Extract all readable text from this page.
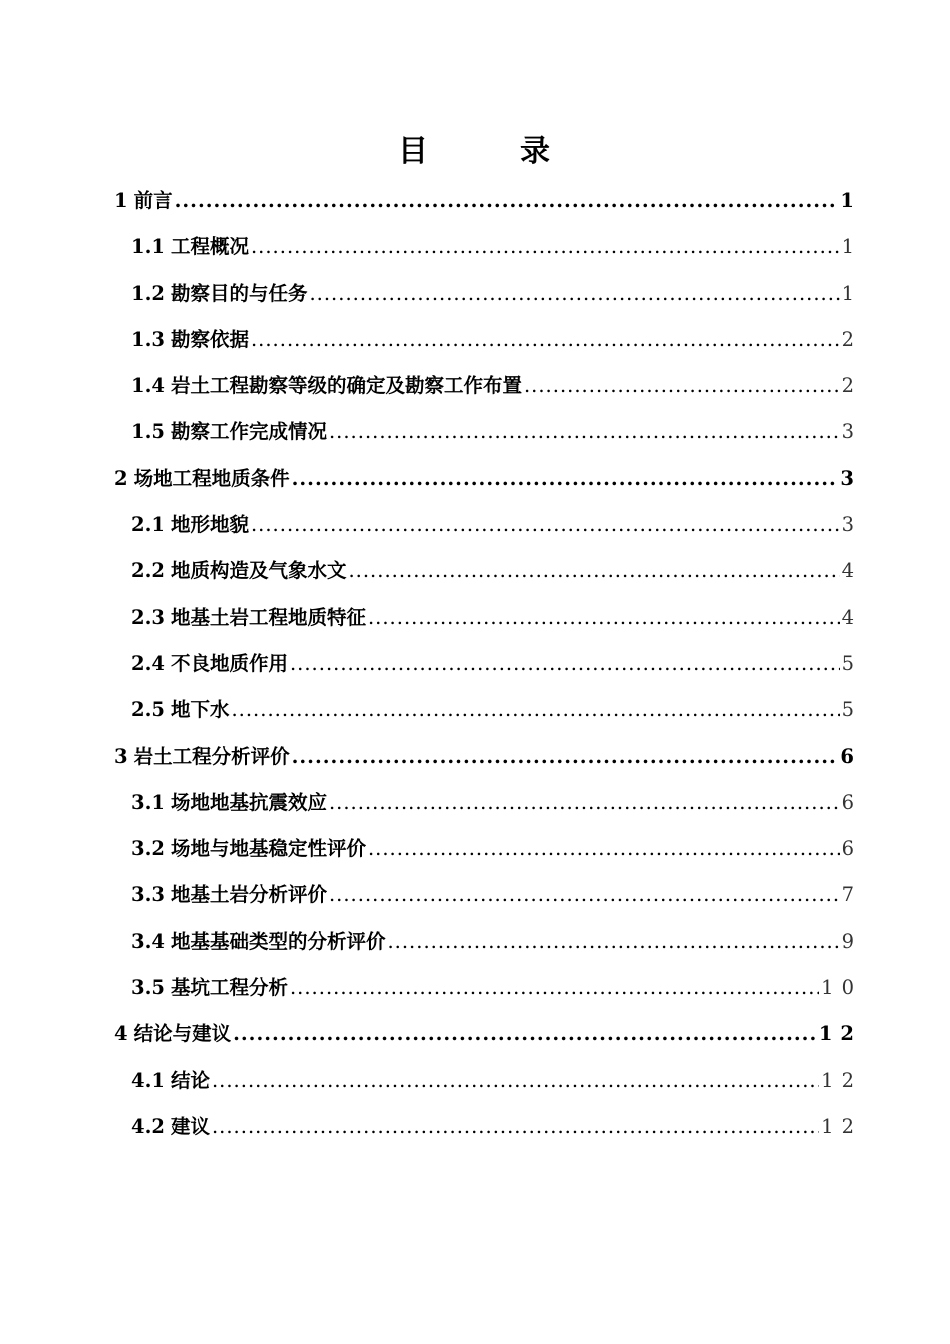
目	录
1 前言 .....	1
1.1 工程概况 .....	1
1.2 勘察目的与任务 .....	1
1.3 勘察依据 .....	2
1.4 岩土工程勘察等级的确定及勘察工作布置 .....	2
1.5 勘察工作完成情况 .....	3
2 场地工程地质条件 .....	3
2.1 地形地貌 .....	3
2.2 地质构造及气象水文 .....	4
2.3 地基土岩工程地质特征 .....	4
2.4 不良地质作用 .....	5
2.5 地下水 .....	5
3 岩土工程分析评价 .....	6
3.1 场地地基抗震效应 .....	6
3.2 场地与地基稳定性评价 .....	6
3.3 地基土岩分析评价 .....	7
3.4 地基基础类型的分析评价 .....	9
3.5 基坑工程分析 .....	10
4 结论与建议 .....	12
4.1 结论 .....	12
4.2 建议 .....	12
